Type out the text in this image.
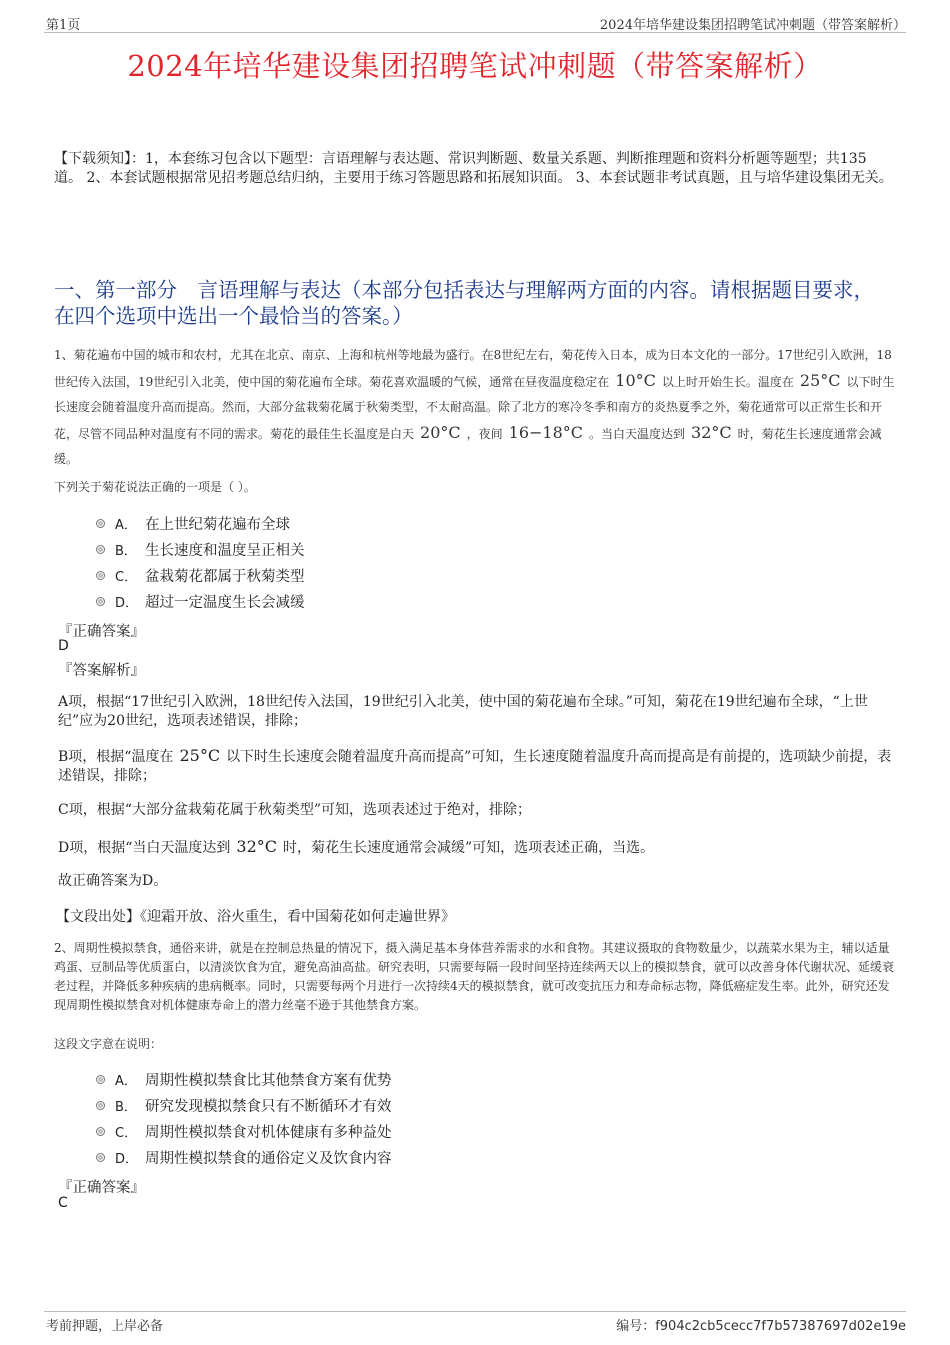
第1页	2024年培华建设集团招聘笔试冲刺题（带答案解析）
2024年培华建设集团招聘笔试冲刺题（带答案解析）
【下载须知】：1，本套练习包含以下题型：言语理解与表达题、常识判断题、数量关系题、判断推理题和资料分析题等题型；共135道。 2、本套试题根据常见招考题总结归纳，主要用于练习答题思路和拓展知识面。 3、本套试题非考试真题，且与培华建设集团无关。
一、第一部分　言语理解与表达（本部分包括表达与理解两方面的内容。请根据题目要求，在四个选项中选出一个最恰当的答案。）
1、菊花遍布中国的城市和农村，尤其在北京、南京、上海和杭州等地最为盛行。在8世纪左右，菊花传入日本，成为日本文化的一部分。17世纪引入欧洲，18世纪传入法国，19世纪引入北美，使中国的菊花遍布全球。菊花喜欢温暖的气候，通常在昼夜温度稳定在 10°C 以上时开始生长。温度在 25°C 以下时生长速度会随着温度升高而提高。然而，大部分盆栽菊花属于秋菊类型，不太耐高温。除了北方的寒冷冬季和南方的炎热夏季之外，菊花通常可以正常生长和开花，尽管不同品种对温度有不同的需求。菊花的最佳生长温度是白天 20°C ，夜间 16−18°C 。当白天温度达到 32°C 时，菊花生长速度通常会减缓。
下列关于菊花说法正确的一项是（ ）。
A． 在上世纪菊花遍布全球
B． 生长速度和温度呈正相关
C． 盆栽菊花都属于秋菊类型
D． 超过一定温度生长会减缓
『正确答案』
D
『答案解析』
A项，根据“17世纪引入欧洲，18世纪传入法国，19世纪引入北美，使中国的菊花遍布全球。”可知，菊花在19世纪遍布全球，“上世纪”应为20世纪，选项表述错误，排除；
B项，根据“温度在 25°C 以下时生长速度会随着温度升高而提高”可知，生长速度随着温度升高而提高是有前提的，选项缺少前提，表述错误，排除；
C项，根据“大部分盆栽菊花属于秋菊类型”可知，选项表述过于绝对，排除；
D项，根据“当白天温度达到 32°C 时，菊花生长速度通常会减缓”可知，选项表述正确，当选。
故正确答案为D。
【文段出处】《迎霜开放、浴火重生，看中国菊花如何走遍世界》
2、周期性模拟禁食，通俗来讲，就是在控制总热量的情况下，摄入满足基本身体营养需求的水和食物。其建议摄取的食物数量少，以蔬菜水果为主，辅以适量鸡蛋、豆制品等优质蛋白，以清淡饮食为宜，避免高油高盐。研究表明，只需要每隔一段时间坚持连续两天以上的模拟禁食，就可以改善身体代谢状况、延缓衰老过程，并降低多种疾病的患病概率。同时，只需要每两个月进行一次持续4天的模拟禁食，就可改变抗压力和寿命标志物，降低癌症发生率。此外，研究还发现周期性模拟禁食对机体健康寿命上的潜力丝毫不逊于其他禁食方案。
这段文字意在说明：
A． 周期性模拟禁食比其他禁食方案有优势
B． 研究发现模拟禁食只有不断循环才有效
C． 周期性模拟禁食对机体健康有多种益处
D． 周期性模拟禁食的通俗定义及饮食内容
『正确答案』
C
考前押题，上岸必备	编号：f904c2cb5cecc7f7b57387697d02e19e
